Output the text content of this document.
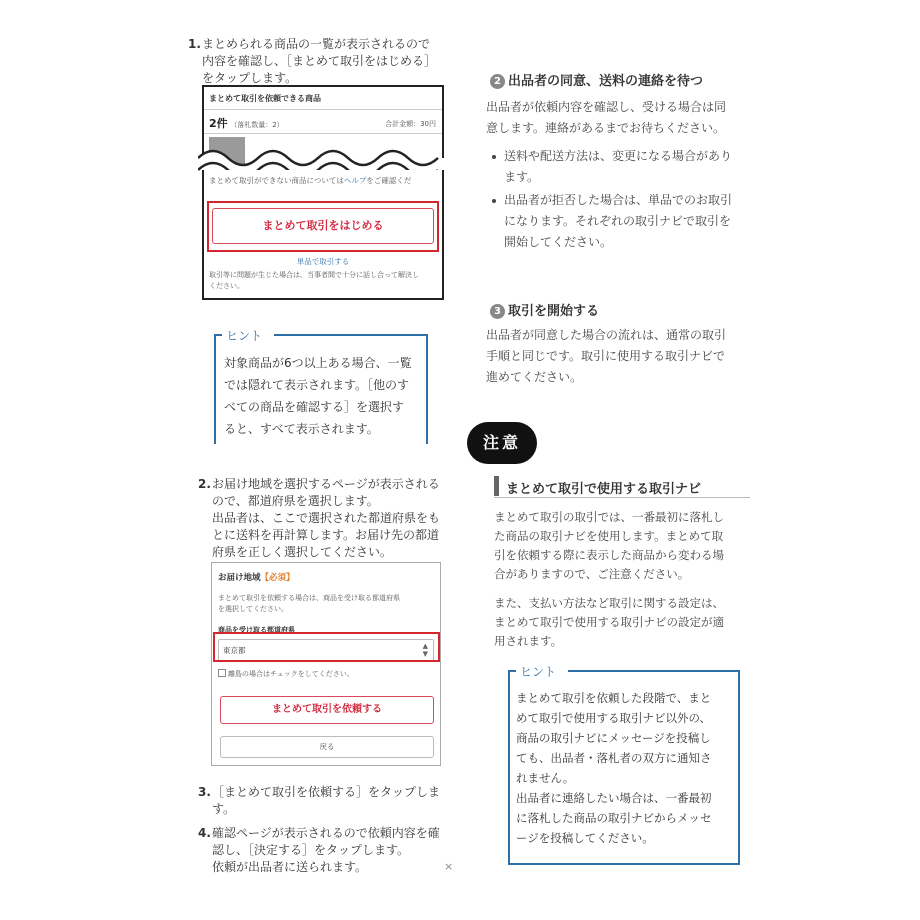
1. まとめられる商品の一覧が表示されるので
内容を確認し、［まとめて取引をはじめる］
をタップします。
まとめて取引を依頼できる商品
2件 （落札数量：2）	合計金額：30円
まとめて取引ができない商品についてはヘルプをご確認くだ
まとめて取引をはじめる
単品で取引する
取引等に問題が生じた場合は、当事者間で十分に話し合って解決し
ください。
ヒント
対象商品が6つ以上ある場合、一覧
では隠れて表示されます。［他のす
べての商品を確認する］を選択す
ると、すべて表示されます。
2. お届け地域を選択するページが表示される
ので、都道府県を選択します。
出品者は、ここで選択された都道府県をも
とに送料を再計算します。お届け先の都道
府県を正しく選択してください。
お届け地域【必須】
まとめて取引を依頼する場合は、商品を受け取る都道府県
を選択してください。
商品を受け取る都道府県
東京都	▲
▼
離島の場合はチェックをしてください。
まとめて取引を依頼する
戻る
3. ［まとめて取引を依頼する］をタップしま
す。
4. 確認ページが表示されるので依頼内容を確
認し、［決定する］をタップします。
依頼が出品者に送られます。	×
2 出品者の同意、送料の連絡を待つ
出品者が依頼内容を確認し、受ける場合は同
意します。連絡があるまでお待ちください。
送料や配送方法は、変更になる場合があり
ます。
出品者が拒否した場合は、単品でのお取引
になります。それぞれの取引ナビで取引を
開始してください。
3 取引を開始する
出品者が同意した場合の流れは、通常の取引
手順と同じです。取引に使用する取引ナビで
進めてください。
注意
まとめて取引で使用する取引ナビ
まとめて取引の取引では、一番最初に落札し
た商品の取引ナビを使用します。まとめて取
引を依頼する際に表示した商品から変わる場
合がありますので、ご注意ください。
また、支払い方法など取引に関する設定は、
まとめて取引で使用する取引ナビの設定が適
用されます。
ヒント
まとめて取引を依頼した段階で、まと
めて取引で使用する取引ナビ以外の、
商品の取引ナビにメッセージを投稿し
ても、出品者・落札者の双方に通知さ
れません。
出品者に連絡したい場合は、一番最初
に落札した商品の取引ナビからメッセ
ージを投稿してください。
